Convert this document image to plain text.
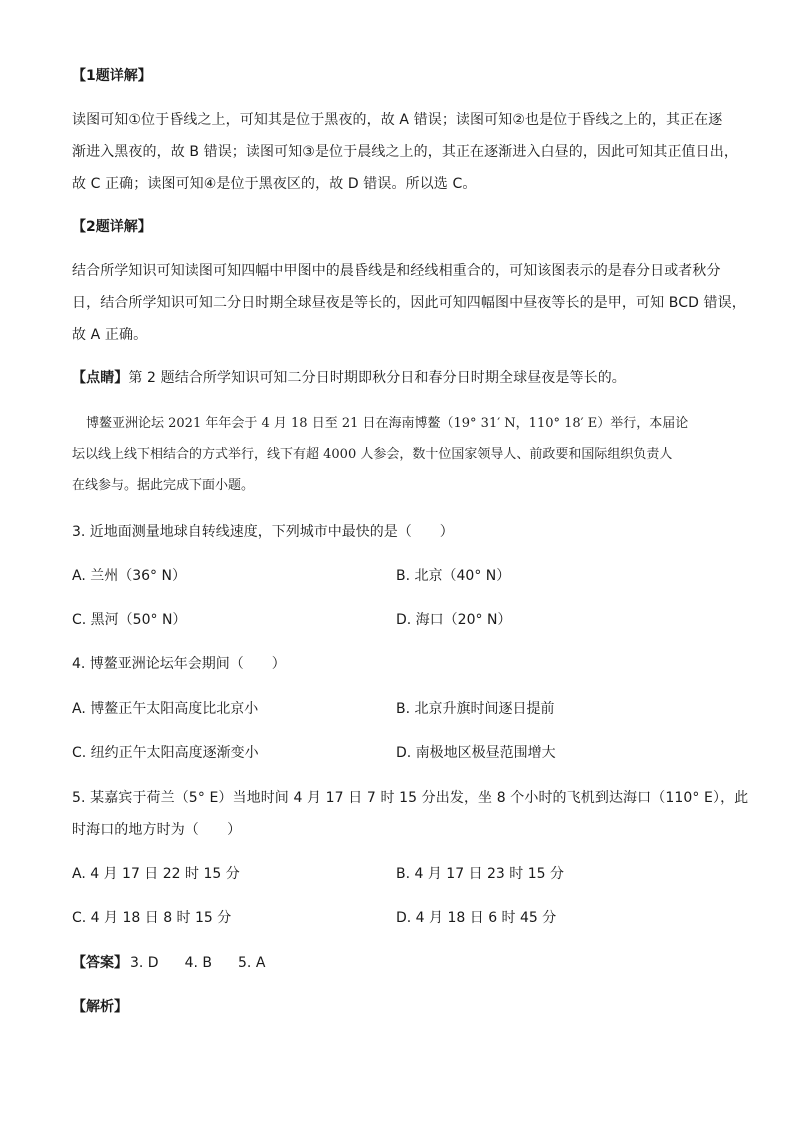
【1题详解】
读图可知①位于昏线之上，可知其是位于黑夜的，故 A 错误；读图可知②也是位于昏线之上的，其正在逐
渐进入黑夜的，故 B 错误；读图可知③是位于晨线之上的，其正在逐渐进入白昼的，因此可知其正值日出，
故 C 正确；读图可知④是位于黑夜区的，故 D 错误。所以选 C。
【2题详解】
结合所学知识可知读图可知四幅中甲图中的晨昏线是和经线相重合的，可知该图表示的是春分日或者秋分
日，结合所学知识可知二分日时期全球昼夜是等长的，因此可知四幅图中昼夜等长的是甲，可知 BCD 错误，
故 A 正确。
【点睛】第 2 题结合所学知识可知二分日时期即秋分日和春分日时期全球昼夜是等长的。
博鳌亚洲论坛 2021 年年会于 4 月 18 日至 21 日在海南博鳌（19° 31′ N，110° 18′ E）举行，本届论
坛以线上线下相结合的方式举行，线下有超 4000 人参会，数十位国家领导人、前政要和国际组织负责人
在线参与。据此完成下面小题。
3. 近地面测量地球自转线速度，下列城市中最快的是（　　）
A. 兰州（36° N）	B. 北京（40° N）
C. 黑河（50° N）	D. 海口（20° N）
4. 博鳌亚洲论坛年会期间（　　）
A. 博鳌正午太阳高度比北京小	B. 北京升旗时间逐日提前
C. 纽约正午太阳高度逐渐变小	D. 南极地区极昼范围增大
5. 某嘉宾于荷兰（5° E）当地时间 4 月 17 日 7 时 15 分出发，坐 8 个小时的飞机到达海口（110° E），此
时海口的地方时为（　　）
A. 4 月 17 日 22 时 15 分	B. 4 月 17 日 23 时 15 分
C. 4 月 18 日 8 时 15 分	D. 4 月 18 日 6 时 45 分
【答案】 3. D 4. B 5. A
【解析】
